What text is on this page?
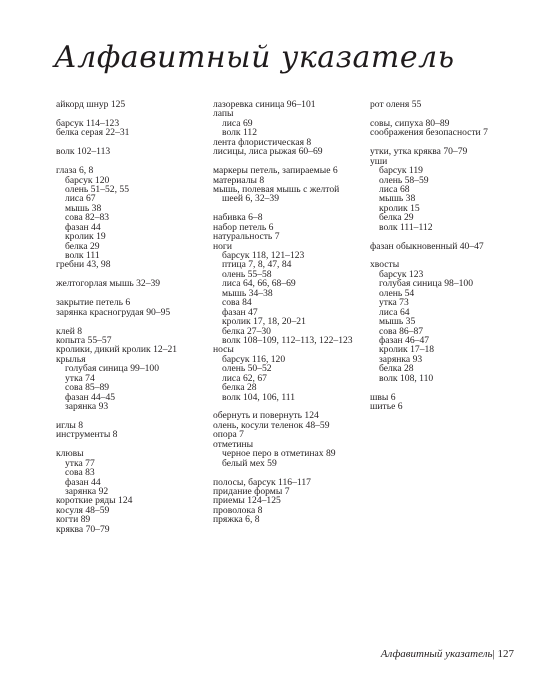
Алфавитный указатель
айкорд шнур 125
барсук 114–123
белка серая 22–31
волк 102–113
глаза 6, 8
барсук 120
олень 51–52, 55
лиса 67
мышь 38
сова 82–83
фазан 44
кролик 19
белка 29
волк 111
гребни 43, 98
желтогорлая мышь 32–39
закрытие петель 6
зарянка красногрудая 90–95
клей 8
копыта 55–57
кролики, дикий кролик 12–21
крылья
голубая синица 99–100
утка 74
сова 85–89
фазан 44–45
зарянка 93
иглы 8
инструменты 8
клювы
утка 77
сова 83
фазан 44
зарянка 92
короткие ряды 124
косуля 48–59
когти 89
кряква 70–79
лазоревка синица 96–101
лапы
лиса 69
волк 112
лента флористическая 8
лисицы, лиса рыжая 60–69
маркеры петель, запираемые 6
материалы 8
мышь, полевая мышь с желтой
шеей 6, 32–39
набивка 6–8
набор петель 6
натуральность 7
ноги
барсук 118, 121–123
птица 7, 8, 47, 84
олень 55–58
лиса 64, 66, 68–69
мышь 34–38
сова 84
фазан 47
кролик 17, 18, 20–21
белка 27–30
волк 108–109, 112–113, 122–123
носы
барсук 116, 120
олень 50–52
лиса 62, 67
белка 28
волк 104, 106, 111
обернуть и повернуть 124
олень, косули теленок 48–59
опора 7
отметины
черное перо в отметинах 89
белый мех 59
полосы, барсук 116–117
придание формы 7
приемы 124–125
проволока 8
пряжка 6, 8
рот оленя 55
совы, сипуха 80–89
соображения безопасности 7
утки, утка кряква 70–79
уши
барсук 119
олень 58–59
лиса 68
мышь 38
кролик 15
белка 29
волк 111–112
фазан обыкновенный 40–47
хвосты
барсук 123
голубая синица 98–100
олень 54
утка 73
лиса 64
мышь 35
сова 86–87
фазан 46–47
кролик 17–18
зарянка 93
белка 28
волк 108, 110
швы 6
шитье 6
Алфавитный указатель| 127
